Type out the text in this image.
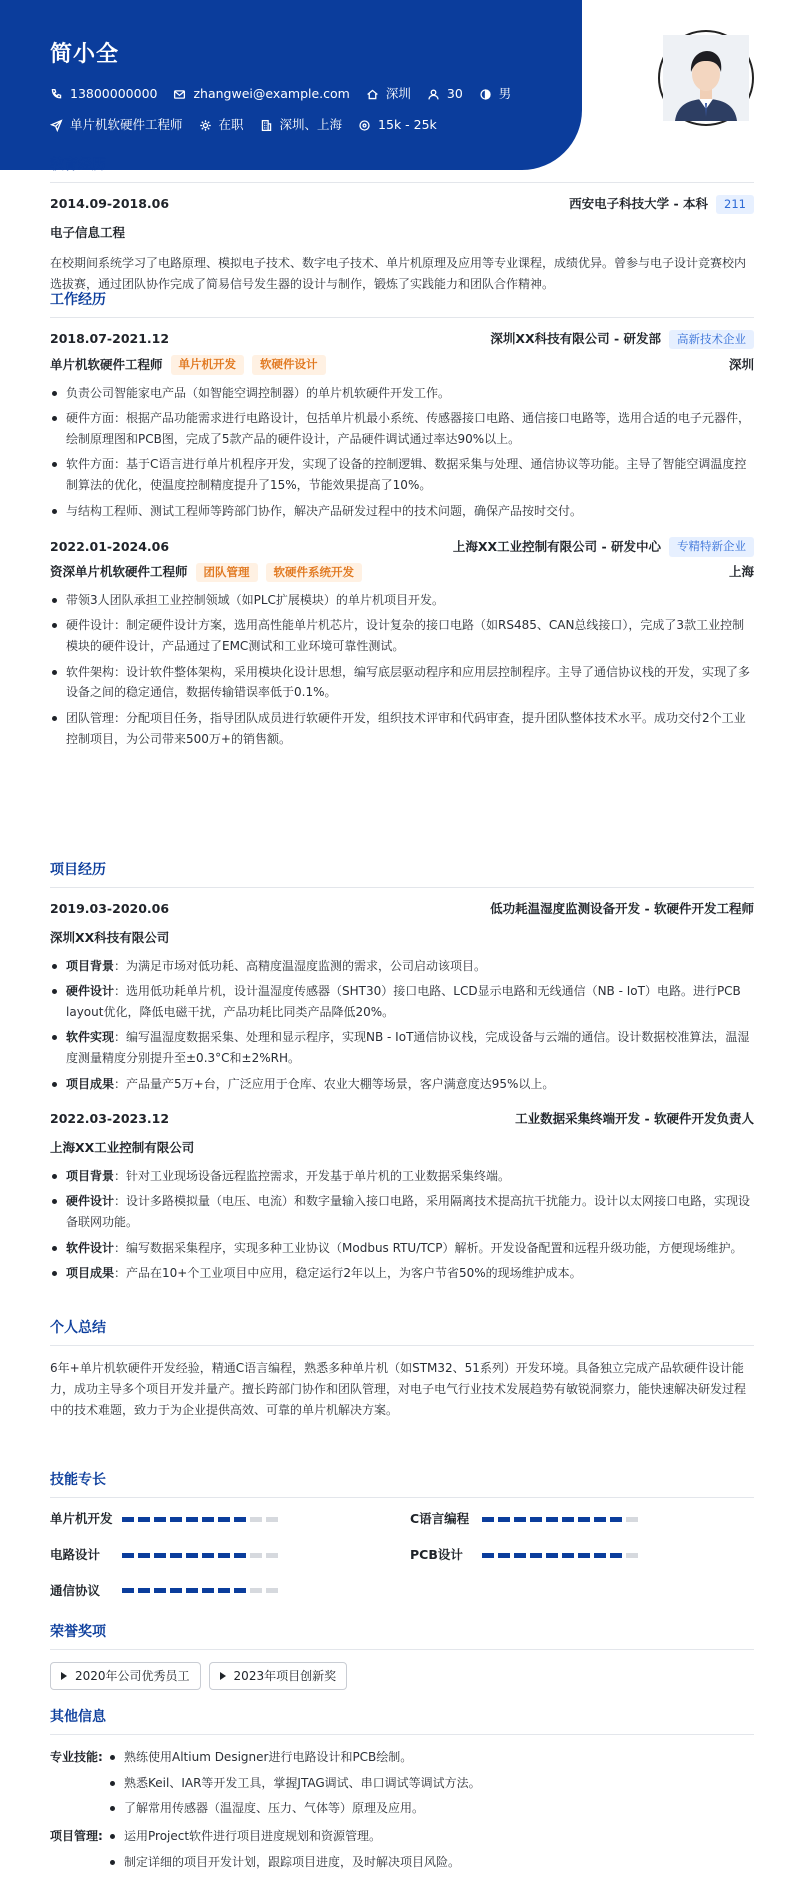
简小全
13800000000	zhangwei@example.com	深圳	30	男
单片机软硬件工程师	在职	深圳、上海	15k - 25k
教育经历
2014.09-2018.06	西安电子科技大学 - 本科	211
电子信息工程
在校期间系统学习了电路原理、模拟电子技术、数字电子技术、单片机原理及应用等专业课程，成绩优异。曾参与电子设计竞赛校内选拔赛，通过团队协作完成了简易信号发生器的设计与制作，锻炼了实践能力和团队合作精神。
工作经历
2018.07-2021.12	深圳XX科技有限公司 - 研发部	高新技术企业
单片机软硬件工程师	单片机开发	软硬件设计	深圳
负责公司智能家电产品（如智能空调控制器）的单片机软硬件开发工作。
硬件方面：根据产品功能需求进行电路设计，包括单片机最小系统、传感器接口电路、通信接口电路等，选用合适的电子元器件，绘制原理图和PCB图，完成了5款产品的硬件设计，产品硬件调试通过率达90%以上。
软件方面：基于C语言进行单片机程序开发，实现了设备的控制逻辑、数据采集与处理、通信协议等功能。主导了智能空调温度控制算法的优化，使温度控制精度提升了15%，节能效果提高了10%。
与结构工程师、测试工程师等跨部门协作，解决产品研发过程中的技术问题，确保产品按时交付。
2022.01-2024.06	上海XX工业控制有限公司 - 研发中心	专精特新企业
资深单片机软硬件工程师	团队管理	软硬件系统开发	上海
带领3人团队承担工业控制领域（如PLC扩展模块）的单片机项目开发。
硬件设计：制定硬件设计方案，选用高性能单片机芯片，设计复杂的接口电路（如RS485、CAN总线接口），完成了3款工业控制模块的硬件设计，产品通过了EMC测试和工业环境可靠性测试。
软件架构：设计软件整体架构，采用模块化设计思想，编写底层驱动程序和应用层控制程序。主导了通信协议栈的开发，实现了多设备之间的稳定通信，数据传输错误率低于0.1%。
团队管理：分配项目任务，指导团队成员进行软硬件开发，组织技术评审和代码审查，提升团队整体技术水平。成功交付2个工业控制项目，为公司带来500万+的销售额。
项目经历
2019.03-2020.06	低功耗温湿度监测设备开发 - 软硬件开发工程师
深圳XX科技有限公司
项目背景：为满足市场对低功耗、高精度温湿度监测的需求，公司启动该项目。
硬件设计：选用低功耗单片机，设计温湿度传感器（SHT30）接口电路、LCD显示电路和无线通信（NB - IoT）电路。进行PCB layout优化，降低电磁干扰，产品功耗比同类产品降低20%。
软件实现：编写温湿度数据采集、处理和显示程序，实现NB - IoT通信协议栈，完成设备与云端的通信。设计数据校准算法，温湿度测量精度分别提升至±0.3°C和±2%RH。
项目成果：产品量产5万+台，广泛应用于仓库、农业大棚等场景，客户满意度达95%以上。
2022.03-2023.12	工业数据采集终端开发 - 软硬件开发负责人
上海XX工业控制有限公司
项目背景：针对工业现场设备远程监控需求，开发基于单片机的工业数据采集终端。
硬件设计：设计多路模拟量（电压、电流）和数字量输入接口电路，采用隔离技术提高抗干扰能力。设计以太网接口电路，实现设备联网功能。
软件设计：编写数据采集程序，实现多种工业协议（Modbus RTU/TCP）解析。开发设备配置和远程升级功能，方便现场维护。
项目成果：产品在10+个工业项目中应用，稳定运行2年以上，为客户节省50%的现场维护成本。
个人总结
6年+单片机软硬件开发经验，精通C语言编程，熟悉多种单片机（如STM32、51系列）开发环境。具备独立完成产品软硬件设计能力，成功主导多个项目开发并量产。擅长跨部门协作和团队管理，对电子电气行业技术发展趋势有敏锐洞察力，能快速解决研发过程中的技术难题，致力于为企业提供高效、可靠的单片机解决方案。
技能专长
单片机开发	C语言编程
电路设计	PCB设计
通信协议
荣誉奖项
2020年公司优秀员工	2023年项目创新奖
其他信息
专业技能:	熟练使用Altium Designer进行电路设计和PCB绘制。
熟悉Keil、IAR等开发工具，掌握JTAG调试、串口调试等调试方法。
了解常用传感器（温湿度、压力、气体等）原理及应用。
项目管理:	运用Project软件进行项目进度规划和资源管理。
制定详细的项目开发计划，跟踪项目进度，及时解决项目风险。
